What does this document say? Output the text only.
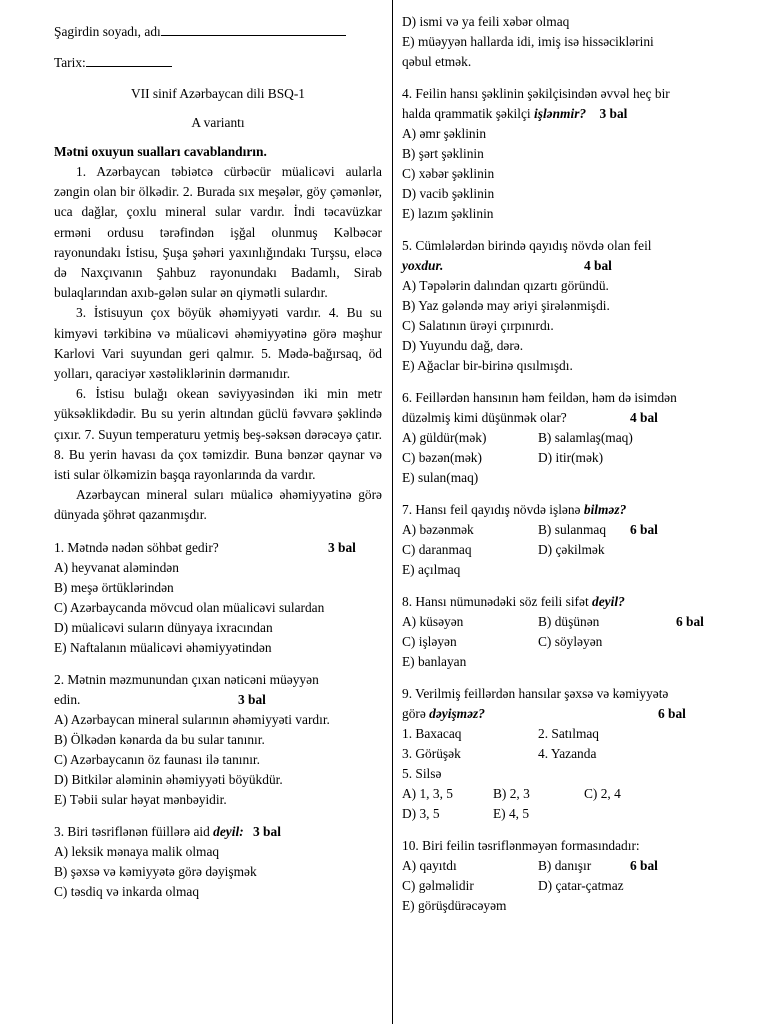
Şagirdin soyadı, adı
Tarix:
VII sinif Azərbaycan dili BSQ-1
A variantı
Mətni oxuyun sualları cavablandırın.
1. Azərbaycan təbiətcə cürbəcür müalicəvi aularla zəngin olan bir ölkədir. 2. Burada sıx meşələr, göy çəmənlər, uca dağlar, çoxlu mineral sular vardır. İndi təcavüzkar erməni ordusu tərəfindən işğal olunmuş Kəlbəcər rayonundakı İstisu, Şuşa şəhəri yaxınlığındakı Turşsu, eləcə də Naxçıvanın Şahbuz rayonundakı Badamlı, Sirab bulaqlarından axıb-gələn sular ən qiymətli sulardır.
3. İstisuyun çox böyük əhəmiyyəti vardır. 4. Bu su kimyəvi tərkibinə və müalicəvi əhəmiyyətinə görə məşhur Karlovi Vari suyundan geri qalmır. 5. Mədə-bağırsaq, öd yolları, qaraciyər xəstəliklərinin dərmanıdır.
6. İstisu bulağı okean səviyyəsindən iki min metr yüksəklikdədir. Bu su yerin altından güclü fəvvarə şəklində çıxır. 7. Suyun temperaturu yetmiş beş-səksən dərəcəyə çatır. 8. Bu yerin havası da çox təmizdir. Buna bənzər qaynar və isti sular ölkəmizin başqa rayonlarında da vardır.
Azərbaycan mineral suları müalicə əhəmiyyətinə görə dünyada şöhrət qazanmışdır.
1. Mətndə nədən söhbət gedir?	3 bal
A) heyvanat aləmindən
B) meşə örtüklərindən
C) Azərbaycanda mövcud olan müalicəvi sulardan
D) müalicəvi suların dünyaya ixracından
E) Naftalanın müalicəvi əhəmiyyətindən
2. Mətnin məzmunundan çıxan nəticəni müəyyən
edin.	3 bal
A) Azərbaycan mineral sularının əhəmiyyəti vardır.
B) Ölkədən kənarda da bu sular tanınır.
C) Azərbaycanın öz faunası ilə tanınır.
D) Bitkilər aləminin əhəmiyyəti böyükdür.
E) Təbii sular həyat mənbəyidir.
3. Biri təsriflənən füillərə aid deyil: 3 bal
A) leksik mənaya malik olmaq
B) şəxsə və kəmiyyətə görə dəyişmək
C) təsdiq və inkarda olmaq
D) ismi və ya feili xəbər olmaq
E) müəyyən hallarda idi, imiş isə hissəciklərini
qəbul etmək.
4. Feilin hansı şəklinin şəkilçisindən əvvəl heç bir
halda qrammatik şəkilçi işlənmir? 3 bal
A) əmr şəklinin
B) şərt şəklinin
C) xəbər şəklinin
D) vacib şəklinin
E) lazım şəklinin
5. Cümlələrdən birində qayıdış növdə olan feil
yoxdur.	4 bal
A) Təpələrin dalından qızartı göründü.
B) Yaz gələndə may əriyi şirələnmişdi.
C) Salatının ürəyi çırpınırdı.
D) Yuyundu dağ, dərə.
E) Ağaclar bir-birinə qısılmışdı.
6. Feillərdən hansının həm feildən, həm də isimdən
düzəlmiş kimi düşünmək olar?	4 bal
A) güldür(mək)	B) salamlaş(maq)
C) bəzən(mək)	D) itir(mək)
E) sulan(maq)
7. Hansı feil qayıdış növdə işlənə bilməz?
A) bəzənmək	B) sulanmaq 6 bal
C) daranmaq	D) çəkilmək
E) açılmaq
8. Hansı nümunədəki söz feili sifət deyil?
A) küsəyən	B) düşünən	6 bal
C) işləyən	C) söyləyən
E) banlayan
9. Verilmiş feillərdən hansılar şəxsə və kəmiyyətə
görə dəyişməz?	6 bal
1. Baxacaq	2. Satılmaq
3. Görüşək	4. Yazanda
5. Silsə
A) 1, 3, 5	B) 2, 3	C) 2, 4
D) 3, 5	E) 4, 5
10. Biri feilin təsriflənməyən formasındadır:
A) qayıtdı	B) danışır	6 bal
C) gəlməlidir	D) çatar-çatmaz
E) görüşdürəcəyəm
